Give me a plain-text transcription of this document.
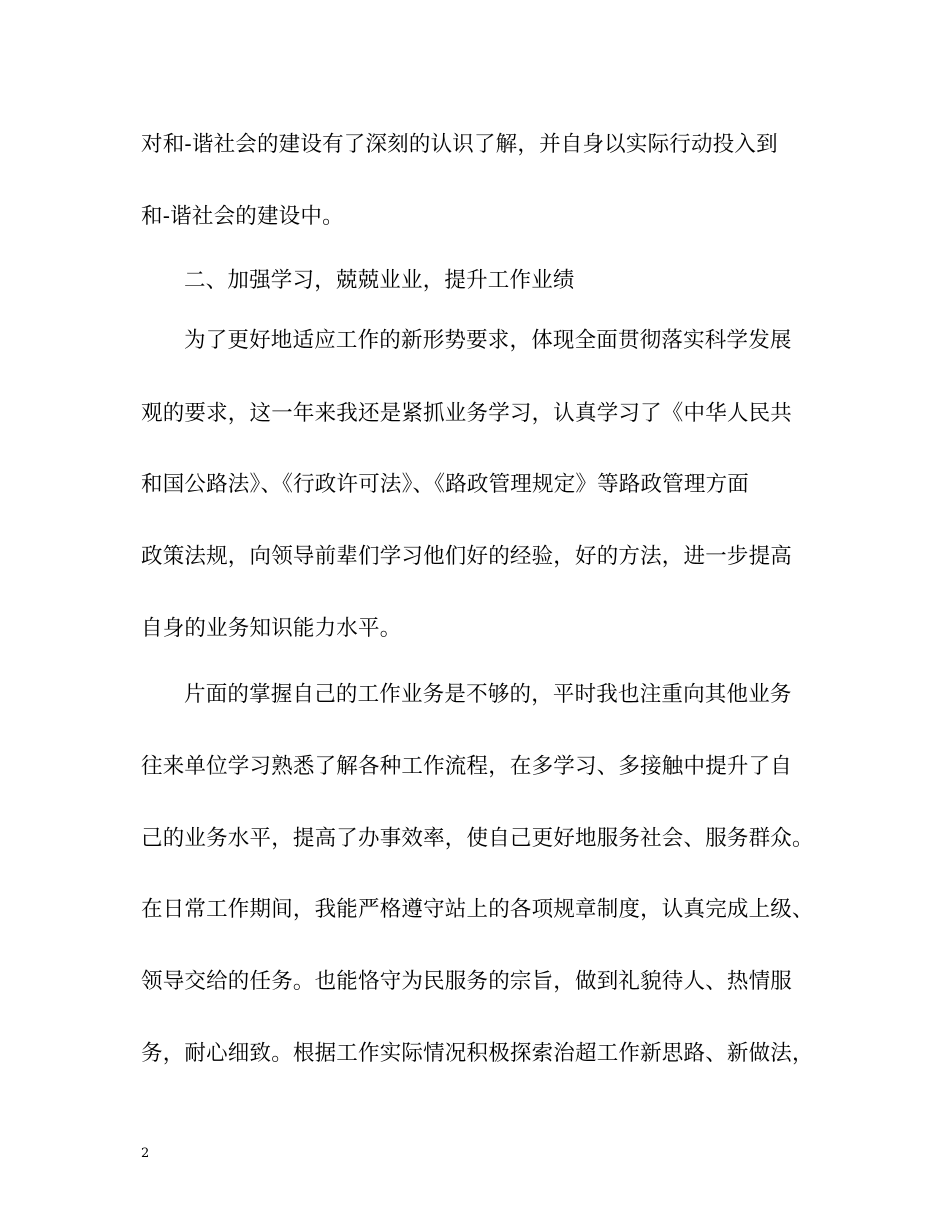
对和-谐社会的建设有了深刻的认识了解，并自身以实际行动投入到
和-谐社会的建设中。
二、加强学习，兢兢业业，提升工作业绩
为了更好地适应工作的新形势要求，体现全面贯彻落实科学发展
观的要求，这一年来我还是紧抓业务学习，认真学习了《中华人民共
和国公路法》、《行政许可法》、《路政管理规定》等路政管理方面
政策法规，向领导前辈们学习他们好的经验，好的方法，进一步提高
自身的业务知识能力水平。
片面的掌握自己的工作业务是不够的，平时我也注重向其他业务
往来单位学习熟悉了解各种工作流程，在多学习、多接触中提升了自
己的业务水平，提高了办事效率，使自己更好地服务社会、服务群众。
在日常工作期间，我能严格遵守站上的各项规章制度，认真完成上级、
领导交给的任务。也能恪守为民服务的宗旨，做到礼貌待人、热情服
务，耐心细致。根据工作实际情况积极探索治超工作新思路、新做法，
2
